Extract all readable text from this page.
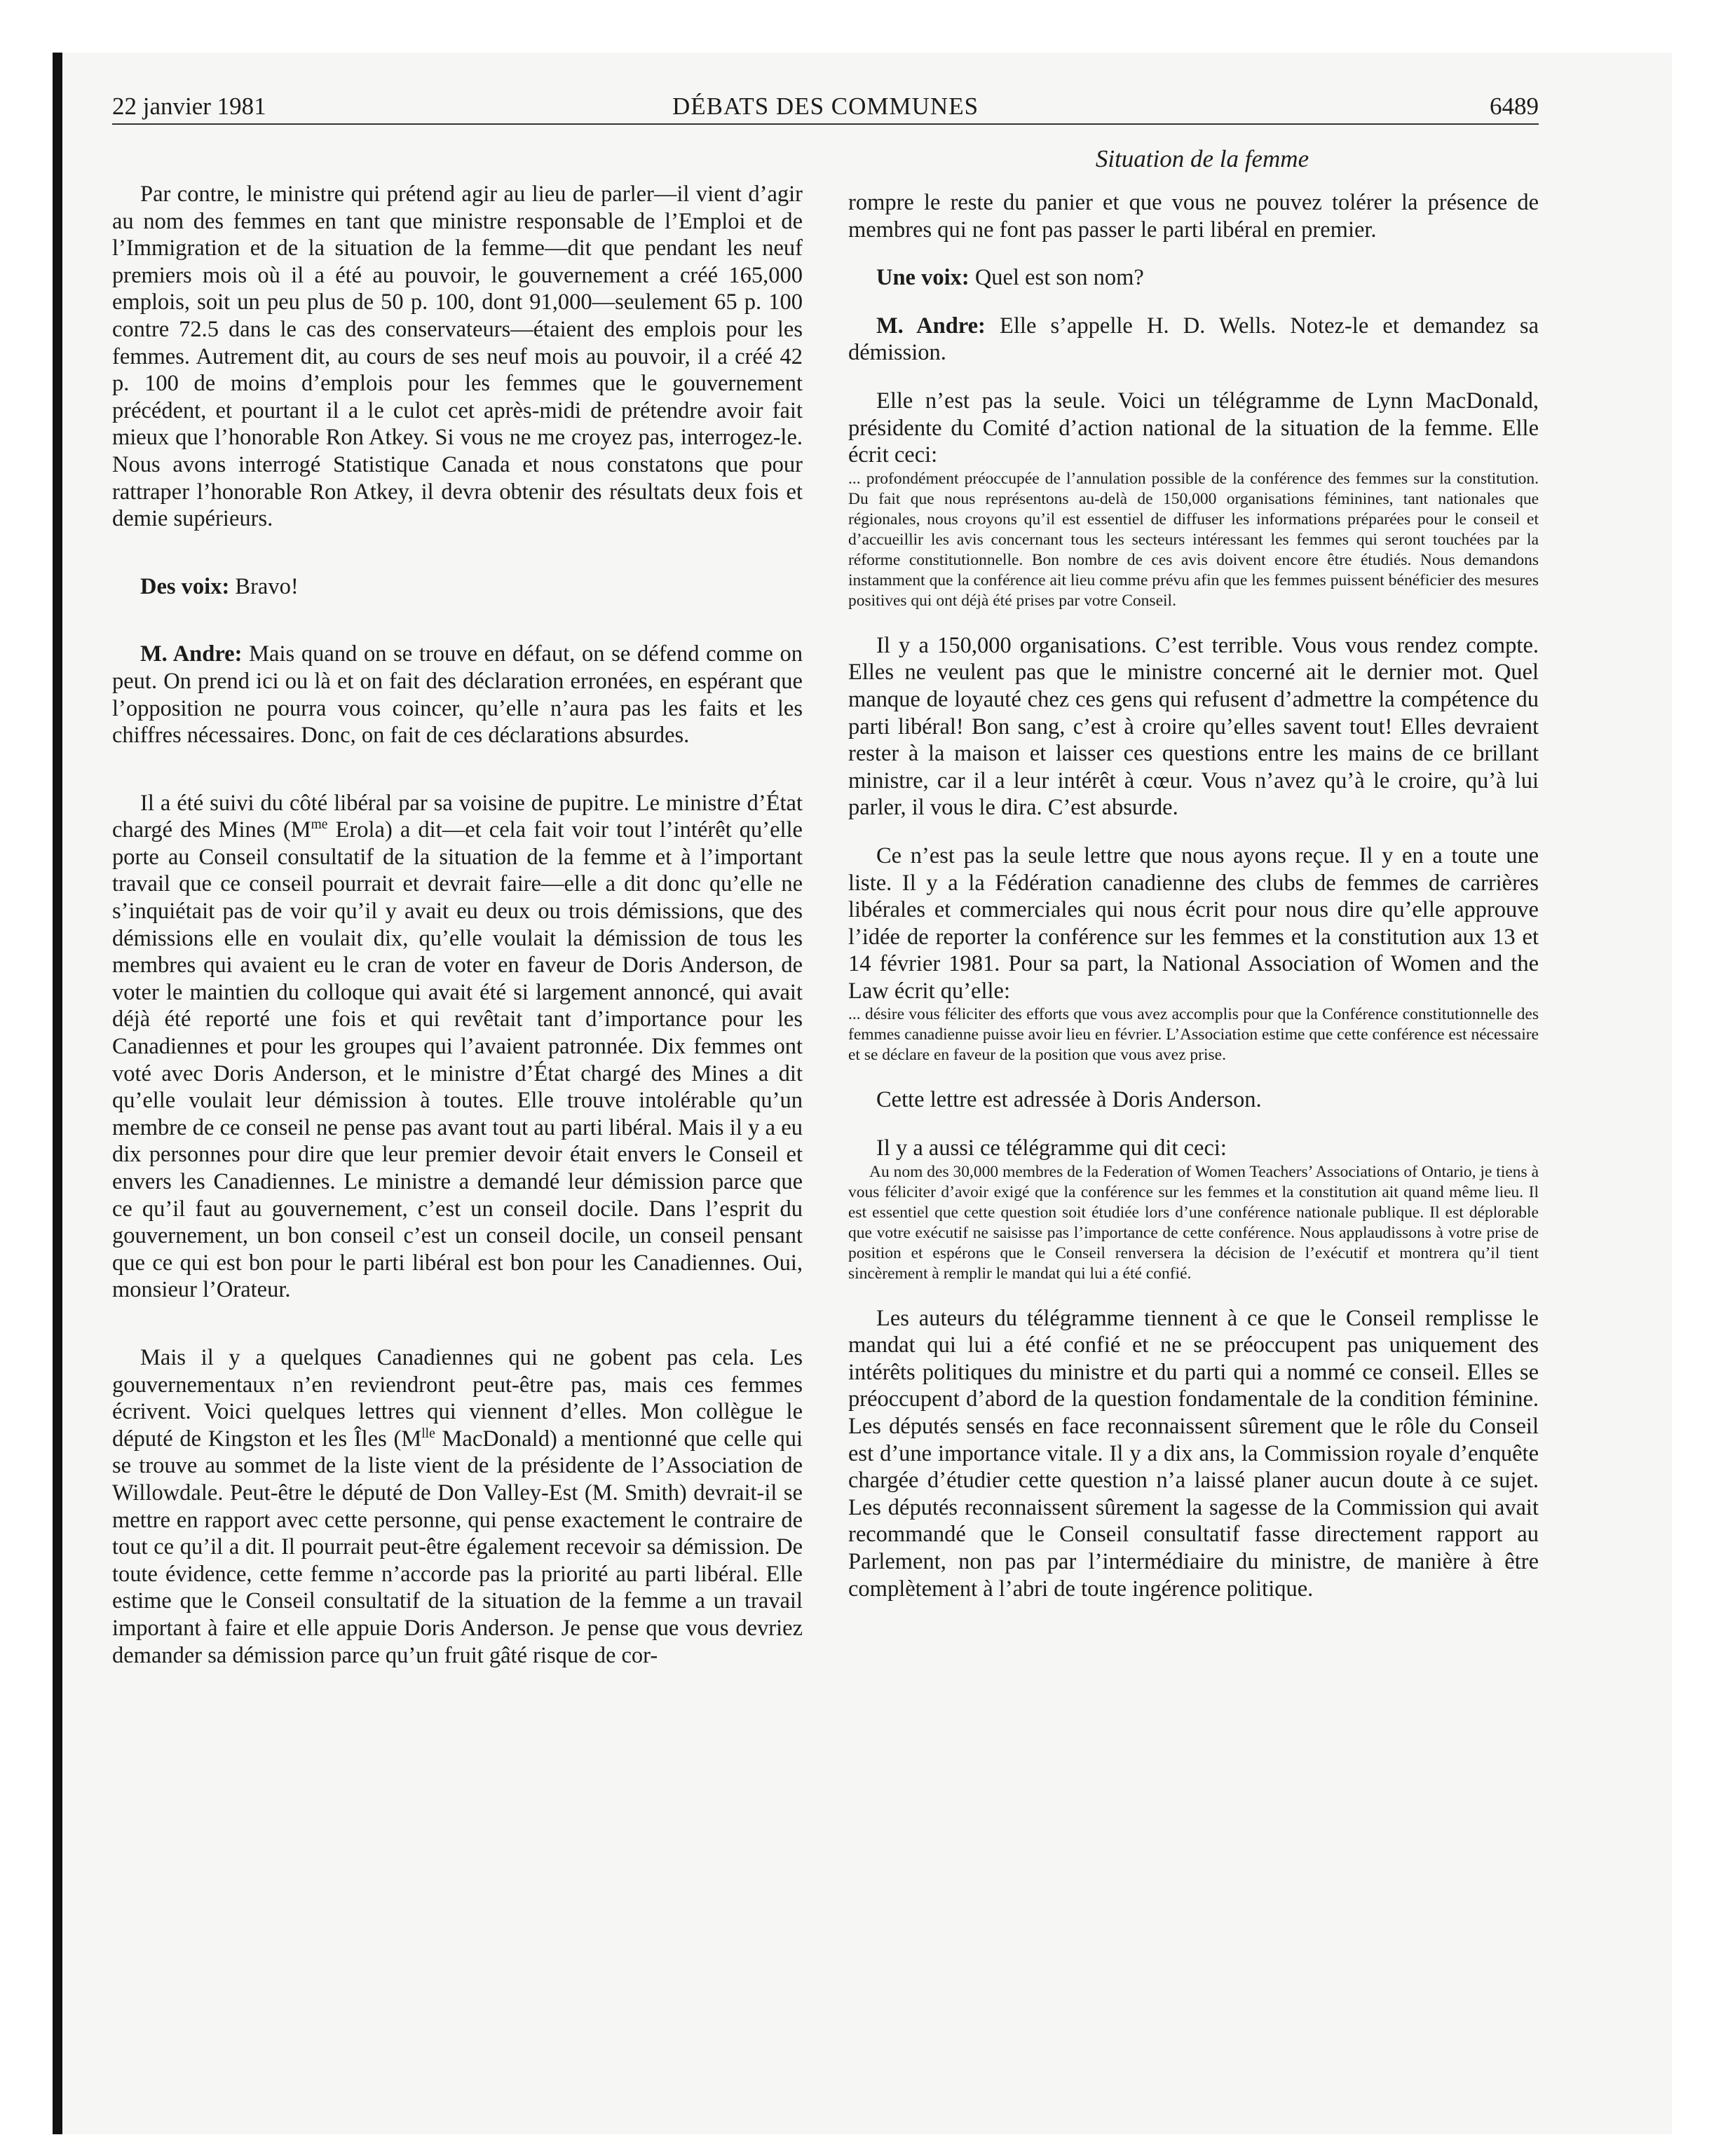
22 janvier 1981	DÉBATS DES COMMUNES	6489
Situation de la femme

Par contre, le ministre qui prétend agir au lieu de parler—il vient d’agir au nom des femmes en tant que ministre responsable de l’Emploi et de l’Immigration et de la situation de la femme—dit que pendant les neuf premiers mois où il a été au pouvoir, le gouvernement a créé 165,000 emplois, soit un peu plus de 50 p. 100, dont 91,000—seulement 65 p. 100 contre 72.5 dans le cas des conservateurs—étaient des emplois pour les femmes. Autrement dit, au cours de ses neuf mois au pouvoir, il a créé 42 p. 100 de moins d’emplois pour les femmes que le gouvernement précédent, et pourtant il a le culot cet après-midi de prétendre avoir fait mieux que l’honorable Ron Atkey. Si vous ne me croyez pas, interrogez-le. Nous avons interrogé Statistique Canada et nous constatons que pour rattraper l’honorable Ron Atkey, il devra obtenir des résultats deux fois et demie supérieurs.

Des voix: Bravo!

M. Andre: Mais quand on se trouve en défaut, on se défend comme on peut. On prend ici ou là et on fait des déclaration erronées, en espérant que l’opposition ne pourra vous coincer, qu’elle n’aura pas les faits et les chiffres nécessaires. Donc, on fait de ces déclarations absurdes.

Il a été suivi du côté libéral par sa voisine de pupitre. Le ministre d’État chargé des Mines ($M^{me}$ Erola) a dit—et cela fait voir tout l’intérêt qu’elle porte au Conseil consultatif de la situation de la femme et à l’important travail que ce conseil pourrait et devrait faire—elle a dit donc qu’elle ne s’inquiétait pas de voir qu’il y avait eu deux ou trois démissions, que des démissions elle en voulait dix, qu’elle voulait la démission de tous les membres qui avaient eu le cran de voter en faveur de Doris Anderson, de voter le maintien du colloque qui avait été si largement annoncé, qui avait déjà été reporté une fois et qui revêtait tant d’importance pour les Canadiennes et pour les groupes qui l’avaient patronnée. Dix femmes ont voté avec Doris Anderson, et le ministre d’État chargé des Mines a dit qu’elle voulait leur démission à toutes. Elle trouve intolérable qu’un membre de ce conseil ne pense pas avant tout au parti libéral. Mais il y a eu dix personnes pour dire que leur premier devoir était envers le Conseil et envers les Canadiennes. Le ministre a demandé leur démission parce que ce qu’il faut au gouvernement, c’est un conseil docile. Dans l’esprit du gouvernement, un bon conseil c’est un conseil docile, un conseil pensant que ce qui est bon pour le parti libéral est bon pour les Canadiennes. Oui, monsieur l’Orateur.

Mais il y a quelques Canadiennes qui ne gobent pas cela. Les gouvernementaux n’en reviendront peut-être pas, mais ces femmes écrivent. Voici quelques lettres qui viennent d’elles. Mon collègue le député de Kingston et les Îles ($M^{lle}$ MacDonald) a mentionné que celle qui se trouve au sommet de la liste vient de la présidente de l’Association de Willowdale. Peut-être le député de Don Valley-Est (M. Smith) devrait-il se mettre en rapport avec cette personne, qui pense exactement le contraire de tout ce qu’il a dit. Il pourrait peut-être également recevoir sa démission. De toute évidence, cette femme n’accorde pas la priorité au parti libéral. Elle estime que le Conseil consultatif de la situation de la femme a un travail important à faire et elle appuie Doris Anderson. Je pense que vous devriez demander sa démission parce qu’un fruit gâté risque de cor-

rompre le reste du panier et que vous ne pouvez tolérer la présence de membres qui ne font pas passer le parti libéral en premier.

Une voix: Quel est son nom?

M. Andre: Elle s’appelle H. D. Wells. Notez-le et demandez sa démission.

Elle n’est pas la seule. Voici un télégramme de Lynn MacDonald, présidente du Comité d’action national de la situation de la femme. Elle écrit ceci:

... profondément préoccupée de l’annulation possible de la conférence des femmes sur la constitution. Du fait que nous représentons au-delà de 150,000 organisations féminines, tant nationales que régionales, nous croyons qu’il est essentiel de diffuser les informations préparées pour le conseil et d’accueillir les avis concernant tous les secteurs intéressant les femmes qui seront touchées par la réforme constitutionnelle. Bon nombre de ces avis doivent encore être étudiés. Nous demandons instamment que la conférence ait lieu comme prévu afin que les femmes puissent bénéficier des mesures positives qui ont déjà été prises par votre Conseil.

Il y a 150,000 organisations. C’est terrible. Vous vous rendez compte. Elles ne veulent pas que le ministre concerné ait le dernier mot. Quel manque de loyauté chez ces gens qui refusent d’admettre la compétence du parti libéral! Bon sang, c’est à croire qu’elles savent tout! Elles devraient rester à la maison et laisser ces questions entre les mains de ce brillant ministre, car il a leur intérêt à cœur. Vous n’avez qu’à le croire, qu’à lui parler, il vous le dira. C’est absurde.

Ce n’est pas la seule lettre que nous ayons reçue. Il y en a toute une liste. Il y a la Fédération canadienne des clubs de femmes de carrières libérales et commerciales qui nous écrit pour nous dire qu’elle approuve l’idée de reporter la conférence sur les femmes et la constitution aux 13 et 14 février 1981. Pour sa part, la National Association of Women and the Law écrit qu’elle:

... désire vous féliciter des efforts que vous avez accomplis pour que la Conférence constitutionnelle des femmes canadienne puisse avoir lieu en février. L’Association estime que cette conférence est nécessaire et se déclare en faveur de la position que vous avez prise.

Cette lettre est adressée à Doris Anderson.

Il y a aussi ce télégramme qui dit ceci:

Au nom des 30,000 membres de la Federation of Women Teachers’ Associations of Ontario, je tiens à vous féliciter d’avoir exigé que la conférence sur les femmes et la constitution ait quand même lieu. Il est essentiel que cette question soit étudiée lors d’une conférence nationale publique. Il est déplorable que votre exécutif ne saisisse pas l’importance de cette conférence. Nous applaudissons à votre prise de position et espérons que le Conseil renversera la décision de l’exécutif et montrera qu’il tient sincèrement à remplir le mandat qui lui a été confié.

Les auteurs du télégramme tiennent à ce que le Conseil remplisse le mandat qui lui a été confié et ne se préoccupent pas uniquement des intérêts politiques du ministre et du parti qui a nommé ce conseil. Elles se préoccupent d’abord de la question fondamentale de la condition féminine. Les députés sensés en face reconnaissent sûrement que le rôle du Conseil est d’une importance vitale. Il y a dix ans, la Commission royale d’enquête chargée d’étudier cette question n’a laissé planer aucun doute à ce sujet. Les députés reconnaissent sûrement la sagesse de la Commission qui avait recommandé que le Conseil consultatif fasse directement rapport au Parlement, non pas par l’intermédiaire du ministre, de manière à être complètement à l’abri de toute ingérence politique.
